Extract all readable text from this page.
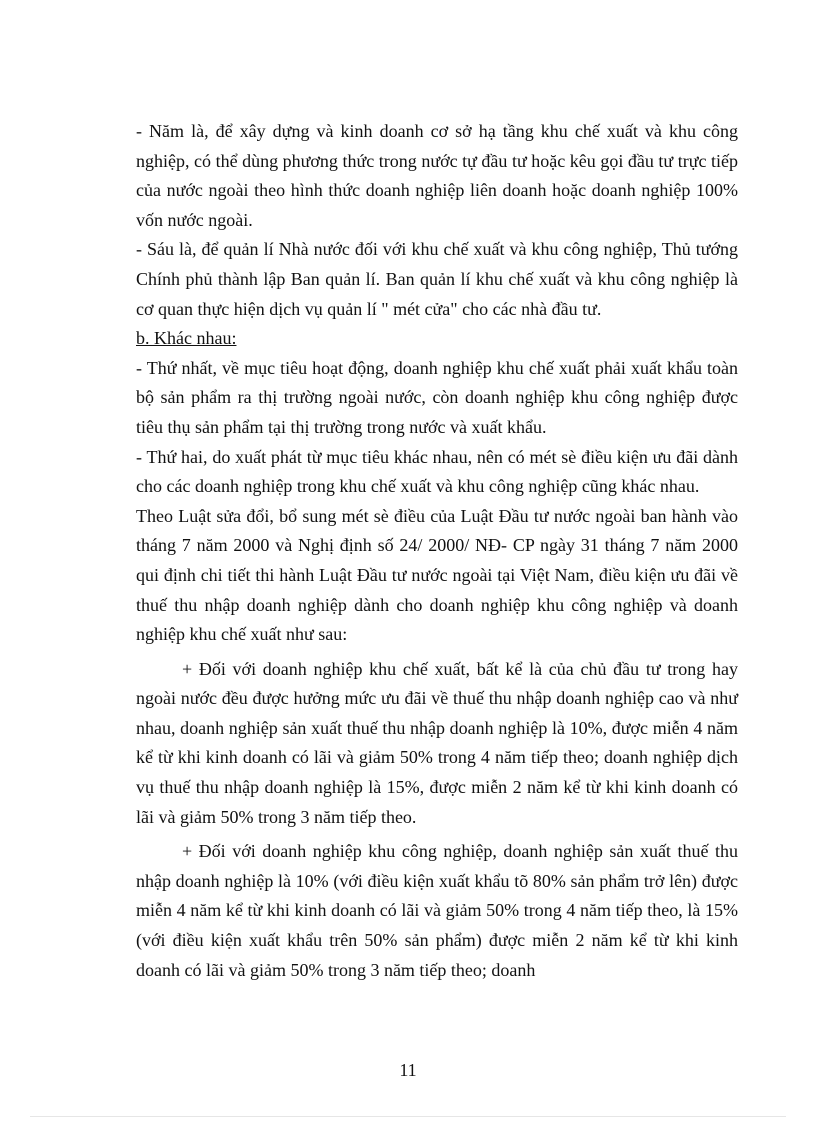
- Năm là, để xây dựng và kinh doanh cơ sở hạ tầng khu chế xuất và khu công nghiệp, có thể dùng phương thức trong nước tự đầu tư hoặc kêu gọi đầu tư trực tiếp của nước ngoài theo hình thức doanh nghiệp liên doanh hoặc doanh nghiệp 100% vốn nước ngoài.

- Sáu là, để quản lí Nhà nước đối với khu chế xuất và khu công nghiệp, Thủ tướng Chính phủ thành lập Ban quản lí. Ban quản lí khu chế xuất và khu công nghiệp là cơ quan thực hiện dịch vụ quản lí " mét cửa" cho các nhà đầu tư.

b. Khác nhau:

- Thứ nhất, về mục tiêu hoạt động, doanh nghiệp khu chế xuất phải xuất khẩu toàn bộ sản phẩm ra thị trường ngoài nước, còn doanh nghiệp khu công nghiệp được tiêu thụ sản phẩm tại thị trường trong nước và xuất khẩu.

- Thứ hai, do xuất phát từ mục tiêu khác nhau, nên có mét sè điều kiện ưu đãi dành cho các doanh nghiệp trong khu chế xuất và khu công nghiệp cũng khác nhau.

Theo Luật sửa đổi, bổ sung mét sè điều của Luật Đầu tư nước ngoài ban hành vào tháng 7 năm 2000 và Nghị định số 24/ 2000/ NĐ- CP ngày 31 tháng 7 năm 2000 qui định chi tiết thi hành Luật Đầu tư nước ngoài tại Việt Nam, điều kiện ưu đãi về thuế thu nhập doanh nghiệp dành cho doanh nghiệp khu công nghiệp và doanh nghiệp khu chế xuất như sau:

+ Đối với doanh nghiệp khu chế xuất, bất kể là của chủ đầu tư trong hay ngoài nước đều được hưởng mức ưu đãi về thuế thu nhập doanh nghiệp cao và như nhau, doanh nghiệp sản xuất thuế thu nhập doanh nghiệp là 10%, được miễn 4 năm kể từ khi kinh doanh có lãi và giảm 50% trong 4 năm tiếp theo; doanh nghiệp dịch vụ thuế thu nhập doanh nghiệp là 15%, được miễn 2 năm kể từ khi kinh doanh có lãi và giảm 50% trong 3 năm tiếp theo.

+ Đối với doanh nghiệp khu công nghiệp, doanh nghiệp sản xuất thuế thu nhập doanh nghiệp là 10% (với điều kiện xuất khẩu tõ 80% sản phẩm trở lên) được miễn 4 năm kể từ khi kinh doanh có lãi và giảm 50% trong 4 năm tiếp theo, là 15% (với điều kiện xuất khẩu trên 50% sản phẩm) được miễn 2 năm kể từ khi kinh doanh có lãi và giảm 50% trong 3 năm tiếp theo; doanh

11
